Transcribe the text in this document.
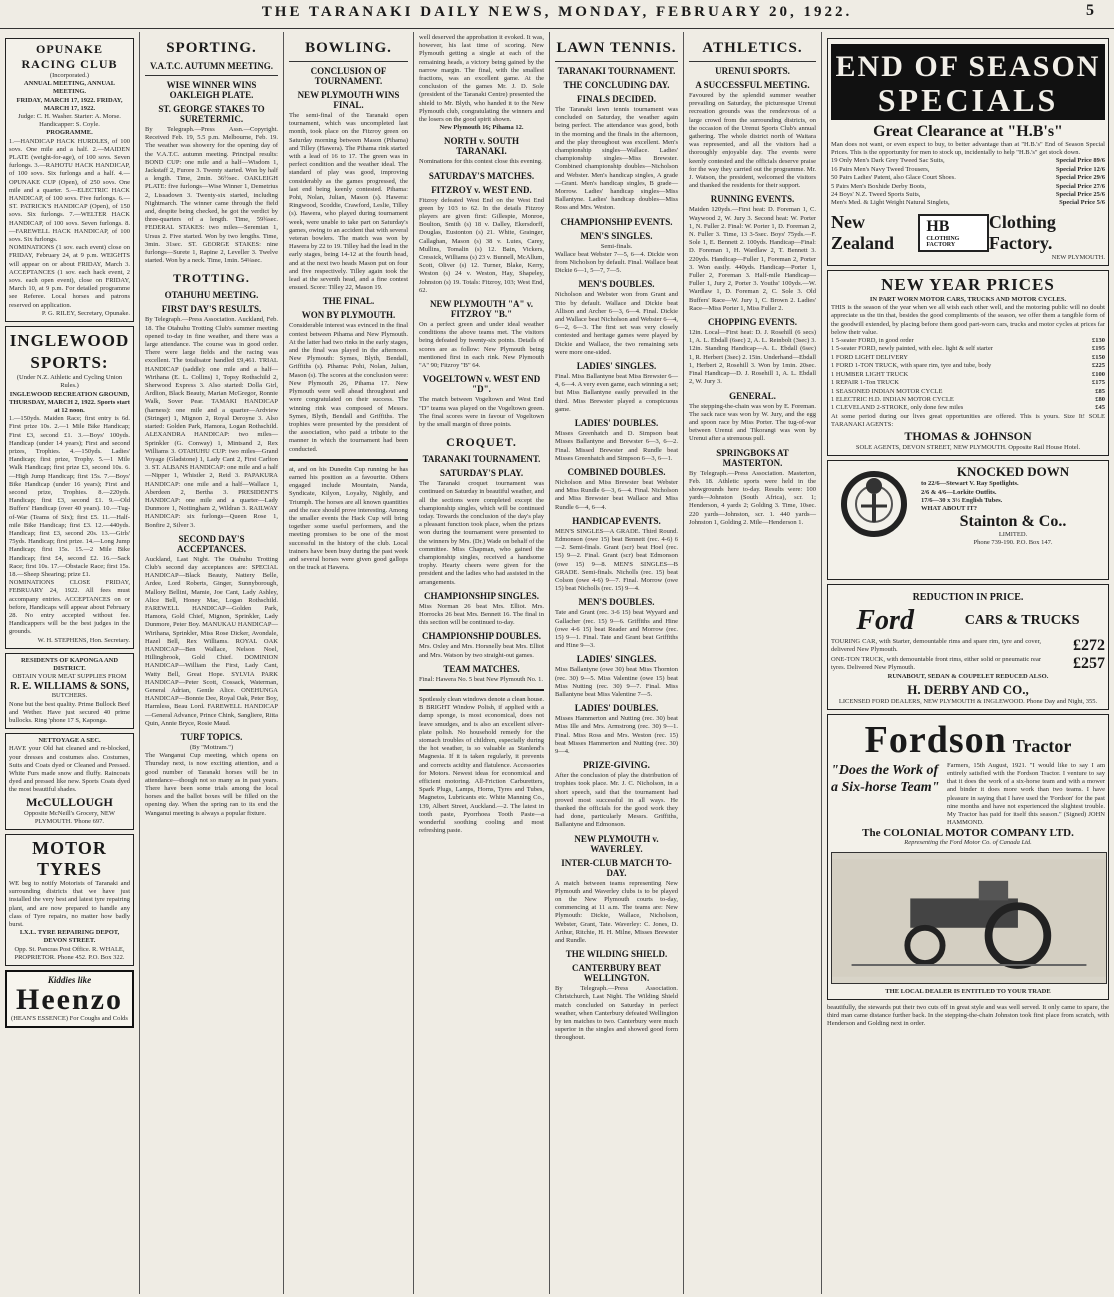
THE TARANAKI DAILY NEWS, MONDAY, FEBRUARY 20, 1922.	5
OPUNAKE RACING CLUB
(Incorporated.)
ANNUAL MEETING, ANNUAL MEETING.
FRIDAY, MARCH 17, 1922. FRIDAY, MARCH 17, 1922.
Judge: C. H. Washer. Starter: A. Morse. Handicapper: S. Coyle.
PROGRAMME.
1.—HANDICAP HACK HURDLES, of 100 sovs. One mile and a half. 2.—MAIDEN PLATE (weight-for-age), of 100 sovs. Seven furlongs. 3.—RAHOTU HACK HANDICAP, of 100 sovs. Six furlongs and a half. 4.—OPUNAKE CUP (Open), of 250 sovs. One mile and a quarter. 5.—ELECTRIC HACK HANDICAP, of 100 sovs. Five furlongs. 6.—ST. PATRICK'S HANDICAP (Open), of 150 sovs. Six furlongs. 7.—WELTER HACK HANDICAP, of 100 sovs. Seven furlongs. 8.—FAREWELL HACK HANDICAP, of 100 sovs. Six furlongs.
NOMINATIONS (1 sov. each event) close on FRIDAY, February 24, at 9 p.m. WEIGHTS will appear on or about FRIDAY, March 3. ACCEPTANCES (1 sov. each hack event, 2 sovs. each open event), close on FRIDAY, March 10, at 9 p.m. For detailed programme see Referee. Local horses and patrons reserved on application.
P. G. RILEY, Secretary, Opunake.
INGLEWOOD SPORTS:
(Under N.Z. Athletic and Cycling Union Rules.)
INGLEWOOD RECREATION GROUND, THURSDAY, MARCH 2, 1922. Sports start at 12 noon.
1.—150yds. Maiden Race; first entry is 6d. First prize 10s. 2.—1 Mile Bike Handicap; First £3, second £1. 3.—Boys' 100yds. Handicap (under 14 years); First and second prizes, Trophies. 4.—150yds. Ladies' Handicap; first prize, Trophy. 5.—1 Mile Walk Handicap; first prize £3, second 10s. 6.—High Jump Handicap; first 15s. 7.—Boys' Bike Handicap (under 16 years); First and second prize, Trophies. 8.—220yds. Handicap; first £3, second £1. 9.—Old Buffers' Handicap (over 40 years). 10.—Tug-of-War (Teams of Six); first £5. 11.—Half-mile Bike Handicap; first £3. 12.—440yds. Handicap; first £3, second 20s. 13.—Girls' 75yds. Handicap; first prize. 14.—Long Jump Handicap; first 15s. 15.—2 Mile Bike Handicap; first £4, second £2. 16.—Sack Race; first 10s. 17.—Obstacle Race; first 15s. 18.—Sheep Shearing; prize £1.
NOMINATIONS CLOSE FRIDAY, FEBRUARY 24, 1922. All fees must accompany entries. ACCEPTANCES on or before, Handicaps will appear about February 28. No entry accepted without fee. Handicappers will be the best judges in the grounds.
W. H. STEPHENS, Hon. Secretary.
RESIDENTS OF KAPONGA AND DISTRICT.
OBTAIN YOUR MEAT SUPPLIES FROM
R. E. WILLIAMS & SONS,
BUTCHERS.
None but the best quality. Prime Bullock Beef and Wether. Have just secured 40 prime bullocks. Ring 'phone 17 S, Kaponga.
NETTOYAGE A SEC.
HAVE your Old hat cleaned and re-blocked, your dresses and costumes also. Costumes, Suits and Coats dyed or Cleaned and Pressed. White Furs made snow and fluffy. Raincoats dyed and pressed like new. Sports Coats dyed the most beautiful shades.
McCULLOUGH
Opposite McNeill's Grocery, NEW PLYMOUTH. 'Phone 697.
MOTOR TYRES
WE beg to notify Motorists of Taranaki and surrounding districts that we have just installed the very best and latest tyre repairing plant, and are now prepared to handle any class of Tyre repairs, no matter how badly burst.
I.X.L. TYRE REPAIRING DEPOT, DEVON STREET.
Opp. St. Pancras Post Office. R. WHALE, PROPRIETOR. Phone 452. P.O. Box 322.
Kiddies like
Heenzo
(HEAN'S ESSENCE) For Coughs and Colds
SPORTING.
V.A.T.C. AUTUMN MEETING.
WISE WINNER WINS OAKLEIGH PLATE.
ST. GEORGE STAKES TO SURETERMIC.
By Telegraph.—Press Assn.—Copyright. Received Feb. 19, 5.5 p.m. Melbourne, Feb. 19. The weather was showery for the opening day of the V.A.T.C. autumn meeting. Principal results: BOND CUP: one mile and a half—Wisdom 1, Jackstaff 2, Furore 3. Twenty started. Won by half a length. Time, 2min. 36½sec. OAKLEIGH PLATE: five furlongs—Wise Winner 1, Demetrius 2, Lissadown 3. Twenty-six started, including Nightmarch. The winner came through the field and, despite being checked, he got the verdict by three-quarters of a length. Time, 59¾sec. FEDERAL STAKES: two miles—Seremian 1, Ursus 2. Five started. Won by two lengths. Time, 3min. 31sec. ST. GEORGE STAKES: nine furlongs—Surete 1, Rapine 2, Leveller 3. Twelve started. Won by a neck. Time, 1min. 54¼sec.
TROTTING.
OTAHUHU MEETING.
FIRST DAY'S RESULTS.
By Telegraph.—Press Association. Auckland, Feb. 18. The Otahuhu Trotting Club's summer meeting opened to-day in fine weather, and there was a large attendance. The course was in good order. There were large fields and the racing was excellent. The totalisator handled £9,461. TRIAL HANDICAP (saddle): one mile and a half—Wirihana (E. L. Collins) 1, Topsy Rothschild 2, Sherwood Express 3. Also started: Dolla Girl, Ardlion, Black Beauty, Marian McGregor, Ronnie Walk, Sover Pear. TAMAKI HANDICAP (harness): one mile and a quarter—Ardview (Stringer) 1, Mignon 2, Royal Deroyne 3. Also started: Golden Park, Hamora, Logan Rothschild. ALEXANDRA HANDICAP: two miles—Sprinkler (G. Conway) 1, Mintsand 2, Rex Williams 3. OTAHUHU CUP: two miles—Grand Voyage (Gladstone) 1, Lady Cant 2, First Carlton 3. ST. ALBANS HANDICAP: one mile and a half—Nipper 1, Whistler 2, Reid 3. PAPAKURA HANDICAP: one mile and a half—Wallace 1, Aberdeen 2, Bertha 3. PRESIDENT'S HANDICAP: one mile and a quarter—Lady Dunmore 1, Nottingham 2, Wildran 3. RAILWAY HANDICAP: six furlongs—Queen Rose 1, Bonfire 2, Silver 3.
SECOND DAY'S ACCEPTANCES.
Auckland, Last Night. The Otahuhu Trotting Club's second day acceptances are: SPECIAL HANDICAP—Black Beauty, Nattery Belle, Ardee, Lord Roberts, Ginger, Sunnyborough, Mallory Bellini, Mamie, Joe Cant, Lady Ashley, Alice Bell, Honey Mac, Logan Rothschild. FAREWELL HANDICAP—Golden Park, Hamora, Gold Chief, Mignon, Sprinkler, Lady Dunmore, Peter Boy. MANUKAU HANDICAP—Wirihana, Sprinkler, Miss Rose Dicker, Avondale, Hazel Bell, Rex Williams. ROYAL OAK HANDICAP—Ben Wallace, Nelson Noel, Hillingbrook, Gold Chief. DOMINION HANDICAP—William the First, Lady Cant, Watty Bell, Great Hope. SYLVIA PARK HANDICAP—Peter Scott, Cossack, Waterman, General Adrian, Gentle Alice. ONEHUNGA HANDICAP—Bonnie Dee, Royal Oak, Peter Boy, Harmless, Beau Lord. FAREWELL HANDICAP—General Advance, Prince Chink, Sangliere, Ritta Quin, Annie Bryce, Rosie Maud.
TURF TOPICS.
(By "Mottram.")
The Wanganui Cup meeting, which opens on Thursday next, is now exciting attention, and a good number of Taranaki horses will be in attendance—though not so many as in past years. There have been some trials among the local horses and the ballot boxes will be filled on the opening day. When the spring ran to its end the Wanganui meeting is always a popular fixture.
BOWLING.
CONCLUSION OF TOURNAMENT.
NEW PLYMOUTH WINS FINAL.
The semi-final of the Taranaki open tournament, which was uncompleted last month, took place on the Fitzroy green on Saturday morning between Mason (Pihama) and Tilley (Hawera). The Pihama rink started with a lead of 16 to 17. The green was in perfect condition and the weather ideal. The standard of play was good, improving considerably as the games progressed, the last end being keenly contested. Pihama: Pohi, Nolan, Julian, Mason (s). Hawera: Ringwood, Scoddie, Crawford, Leslie, Tilley (s). Hawera, who played during tournament week, were unable to take part on Saturday's games, owing to an accident that with several veteran bowlers. The match was won by Hawera by 22 to 19. Tilley had the lead in the early stages, being 14-12 at the fourth head, and at the next two heads Mason put on four and five respectively. Tilley again took the lead at the seventh head, and a fine contest ensued. Score: Tilley 22, Mason 19.
THE FINAL.
WON BY PLYMOUTH.
Considerable interest was evinced in the final contest between Pihama and New Plymouth. At the latter had two rinks in the early stages, and the final was played in the afternoon. New Plymouth: Symes, Blyth, Bendall, Griffiths (s). Pihama: Pohi, Nolan, Julian, Mason (s). The scores at the conclusion were: New Plymouth 26, Pihama 17. New Plymouth were well ahead throughout and were congratulated on their success. The winning rink was composed of Messrs. Symes, Blyth, Bendall and Griffiths. The trophies were presented by the president of the association, who paid a tribute to the manner in which the tournament had been conducted.
at, and on his Dunedin Cup running he has earned his position as a favourite. Others engaged include Mountain, Nanda, Syndicate, Kilyon, Loyalty, Nightly, and Triumph. The horses are all known quantities and the race should prove interesting. Among the smaller events the Hack Cup will bring together some useful performers, and the meeting promises to be one of the most successful in the history of the club. Local trainers have been busy during the past week and several horses were given good gallops on the track at Hawera.
well deserved the approbation it evoked. It was, however, his last time of scoring. New Plymouth getting a single at each of the remaining heads, a victory being gained by the narrow margin. The final, with the smallest fractions, was an excellent game. At the conclusion of the games Mr. J. D. Sole (president of the Taranaki Centre) presented the shield to Mr. Blyth, who handed it to the New Plymouth club, congratulating the winners and the losers on the good spirit shown.
New Plymouth 16; Pihama 12.
NORTH v. SOUTH TARANAKI.
Nominations for this contest close this evening.
SATURDAY'S MATCHES.
FITZROY v. WEST END.
Fitzroy defeated West End on the West End green by 103 to 62. In the details Fitzroy players are given first: Gillespie, Monroe, Boulton, Smith (s) 18 v. Dalley, Ekersdorff, Douglas, Eustonton (s) 21. White, Grainger, Callaghan, Mason (s) 38 v. Lutes, Carey, Mullins, Tomalin (s) 12. Bain, Vickers, Cressick, Williams (s) 23 v. Bunnell, McAllum, Scott, Oliver (s) 12. Turner, Blake, Kerry, Weston (s) 24 v. Weston, Hay, Shapeley, Johnston (s) 19. Totals: Fitzroy, 103; West End, 62.
NEW PLYMOUTH "A" v. FITZROY "B."
On a perfect green and under ideal weather conditions the above teams met. The visitors being defeated by twenty-six points. Details of scores are as follow: New Plymouth being mentioned first in each rink. New Plymouth "A" 90; Fitzroy "B" 64.
VOGELTOWN v. WEST END "D".
The match between Vogeltown and West End "D" teams was played on the Vogeltown green. The final scores were in favour of Vogeltown by the small margin of three points.
CROQUET.
TARANAKI TOURNAMENT.
SATURDAY'S PLAY.
The Taranaki croquet tournament was continued on Saturday in beautiful weather, and all the sections were completed except the championship singles, which will be continued today. Towards the conclusion of the day's play a pleasant function took place, when the prizes won during the tournament were presented to the winners by Mrs. (Dr.) Wade on behalf of the committee. Miss Chapman, who gained the championship singles, received a handsome trophy. Hearty cheers were given for the president and the ladies who had assisted in the arrangements.
CHAMPIONSHIP SINGLES.
Miss Norman 26 beat Mrs. Elliot. Mrs. Horrocks 26 beat Mrs. Bennett 16. The final in this section will be continued to-day.
CHAMPIONSHIP DOUBLES.
Mrs. Oxley and Mrs. Horsnelly beat Mrs. Elliot and Mrs. Watson by two straight-out games.
TEAM MATCHES.
Final: Hawera No. 5 beat New Plymouth No. 1.
Spotlessly clean windows denote a clean house. B BRIGHT Window Polish, if applied with a damp sponge, is most economical, does not leave smudges, and is also an excellent silver-plate polish. No household remedy for the stomach troubles of children, especially during the hot weather, is so valuable as Stanlend's Magnesia. If it is taken regularly, it prevents and corrects acidity and flatulence. Accessories for Motors. Newest ideas for economical and efficient motoring. All-Friction Carburetters, Spark Plugs, Lamps, Horns, Tyres and Tubes, Magnetos, Lubricants etc. White Manning Co., 139, Albert Street, Auckland.—2. The latest in tooth paste, Pyorrhoea Tooth Paste—a wonderful soothing cooling and most refreshing paste.
LAWN TENNIS.
TARANAKI TOURNAMENT.
THE CONCLUDING DAY.
FINALS DECIDED.
The Taranaki lawn tennis tournament was concluded on Saturday, the weather again being perfect. The attendance was good, both in the morning and the finals in the afternoon, and the play throughout was excellent. Men's championship singles—Wallace. Ladies' championship singles—Miss Brewster. Combined championship doubles—Nicholson and Webster. Men's handicap singles, A grade—Grant. Men's handicap singles, B grade—Morrow. Ladies' handicap singles—Miss Ballantyne. Ladies' handicap doubles—Miss Ross and Mrs. Weston.
CHAMPIONSHIP EVENTS.
MEN'S SINGLES.
Semi-finals.
Wallace beat Webster 7—5, 6—4. Dickie won from Nicholson by default. Final. Wallace beat Dickie 6—1, 5—7, 7—5.
MEN'S DOUBLES.
Nicholson and Webster won from Grant and Tito by default. Wallace and Dickie beat Allison and Archer 6—3, 6—4. Final. Dickie and Wallace beat Nicholson and Webster 6—4, 6—2, 6—3. The first set was very closely contested and heritage games were played by Dickie and Wallace, the two remaining sets were more one-sided.
LADIES' SINGLES.
Final. Miss Ballantyne beat Miss Brewster 6—4, 6—4. A very even game, each winning a set; but Miss Ballantyne easily prevailed in the third. Miss Brewster played a conspicuous game.
LADIES' DOUBLES.
Misses Greenhatch and D. Simpson beat Misses Ballantyne and Brewster 6—3, 6—2. Final. Missed Brewster and Rundle beat Misses Greenhatch and Simpson 6—3, 6—1.
COMBINED DOUBLES.
Nicholson and Miss Brewster beat Webster and Miss Rundle 6—3, 6—4. Final. Nicholson and Miss Brewster beat Wallace and Miss Rundle 6—4, 6—4.
HANDICAP EVENTS.
MEN'S SINGLES—A GRADE. Third Round. Edmonson (owe 15) beat Bennett (rec. 4-6) 6—2. Semi-finals. Grant (scr) beat Hoel (rec. 15) 9—2. Final. Grant (scr) beat Edmonson (owe 15) 9—8. MEN'S SINGLES—B GRADE. Semi-finals. Nicholls (rec. 15) beat Colson (owe 4-6) 9—7. Final. Morrow (owe 15) beat Nicholls (rec. 15) 9—4.
MEN'S DOUBLES.
Tate and Grant (rec. 3-6 15) beat Wyyard and Gallacher (rec. 15) 9—6. Griffiths and Hine (owe 4-6 15) beat Reader and Morrow (rec. 15) 9—1. Final. Tate and Grant beat Griffiths and Hine 9—3.
LADIES' SINGLES.
Miss Ballantyne (owe 30) beat Miss Thornton (rec. 30) 9—5. Miss Valentine (owe 15) beat Miss Nutting (rec. 30) 9—7. Final. Miss Ballantyne beat Miss Valentine 7—5.
LADIES' DOUBLES.
Misses Hammerton and Nutting (rec. 30) beat Miss Ille and Mrs. Armstrong (rec. 30) 9—1. Final. Miss Ross and Mrs. Weston (rec. 15) beat Misses Hammerton and Nutting (rec. 30) 9—4.
PRIZE-GIVING.
After the conclusion of play the distribution of trophies took place. Mr. J. C. Nicholson, in a short speech, said that the tournament had proved most successful in all ways. He thanked the officials for the good work they had done, particularly Messrs. Griffiths, Ballantyne and Edmonson.
NEW PLYMOUTH v. WAVERLEY.
INTER-CLUB MATCH TO-DAY.
A match between teams representing New Plymouth and Waverley clubs is to be played on the New Plymouth courts to-day, commencing at 11 a.m. The teams are: New Plymouth: Dickie, Wallace, Nicholson, Webster, Grant, Tate. Waverley: C. Jones, D. Arthur, Ritchie, H. H. Milne, Misses Brewster and Rundle.
THE WILDING SHIELD.
CANTERBURY BEAT WELLINGTON.
By Telegraph.—Press Association. Christchurch, Last Night. The Wilding Shield match concluded on Saturday in perfect weather, when Canterbury defeated Wellington by ten matches to two. Canterbury were much superior in the singles and showed good form throughout.
ATHLETICS.
URENUI SPORTS.
A SUCCESSFUL MEETING.
Favoured by the splendid summer weather prevailing on Saturday, the picturesque Urenui recreation grounds was the rendezvous of a large crowd from the surrounding districts, on the occasion of the Urenui Sports Club's annual gathering. The whole district north of Waitara was represented, and all the visitors had a thoroughly enjoyable day. The events were keenly contested and the officials deserve praise for the way they carried out the programme. Mr. J. Watson, the president, welcomed the visitors and thanked the residents for their support.
RUNNING EVENTS.
Maiden 120yds.—First heat: D. Foreman 1, C. Waywood 2, W. Jury 3. Second heat: W. Porter 1, N. Fuller 2. Final: W. Porter 1, D. Foreman 2, N. Fuller 3. Time, 13 3-5sec. Boys' 75yds.—F. Sole 1, E. Bennett 2. 100yds. Handicap—Final: D. Foreman 1, H. Wardlaw 2, T. Bennett 3. 220yds. Handicap—Fuller 1, Foreman 2, Porter 3. Won easily. 440yds. Handicap—Porter 1, Fuller 2, Foreman 3. Half-mile Handicap—Fuller 1, Jury 2, Porter 3. Youths' 100yds.—W. Wardlaw 1, D. Foreman 2, C. Sole 3. Old Buffers' Race—W. Jury 1, C. Brown 2. Ladies' Race—Miss Porter 1, Miss Fuller 2.
CHOPPING EVENTS.
12in. Local—First heat: D. J. Rosehill (6 secs) 1, A. L. Ebdall (6sec) 2, A. L. Reinbolt (3sec) 3. 12in. Standing Handicap—A. L. Ebdall (6sec) 1, R. Herbert (3sec) 2. 15in. Underhand—Ebdall 1, Herbert 2, Rosehill 3. Won by 1min. 20sec. Final Handicap—D. J. Rosehill 1, A. L. Ebdall 2, W. Jury 3.
GENERAL.
The stepping-the-chain was won by E. Foreman. The sack race was won by W. Jury, and the egg and spoon race by Miss Porter. The tug-of-war between Urenui and Tikorangi was won by Urenui after a strenuous pull.
SPRINGBOKS AT MASTERTON.
By Telegraph.—Press Association. Masterton, Feb. 18. Athletic sports were held in the showgrounds here to-day. Results were: 100 yards—Johnston (South Africa), scr. 1; Henderson, 4 yards 2; Golding 3. Time, 10sec. 220 yards—Johnston, scr. 1. 440 yards—Johnston 1, Golding 2. Mile—Henderson 1.
END OF SEASON
SPECIALS
Great Clearance at "H.B's"
Man does not want, or even expect to buy, to better advantage than at "H.B.'s" End of Season Special Prices. This is the opportunity for men to stock up, incidentally to help "H.B.'s" get stock down.
19 Only Men's Dark Grey Tweed Sac Suits,	Special Price 89/6
16 Pairs Men's Navy Tweed Trousers,	Special Price 12/6
50 Pairs Ladies' Patent, also Glace Court Shoes.	Special Price 29/6
5 Pairs Men's Boxhide Derby Boots,	Special Price 27/6
24 Boys' N.Z. Tweed Sports Suits,	Special Price 25/6
Men's Med. & Light Weight Natural Singlets,	Special Price 5/6
New Zealand
HB
CLOTHING FACTORY
Clothing Factory.
NEW PLYMOUTH.
NEW YEAR PRICES
IN PART WORN MOTOR CARS, TRUCKS AND MOTOR CYCLES.
THIS is the season of the year when we all wish each other well, and the motoring public will no doubt appreciate us the tin that, besides the good compliments of the season, we offer them a tangible form of the goodwill extended, by placing before them good part-worn cars, trucks and motor cycles at prices far below their value.
1 5-seater FORD, in good order	£130
1 5-seater FORD, newly painted, with elec. light & self starter	£195
1 FORD LIGHT DELIVERY	£150
1 FORD 1-TON TRUCK, with spare rim, tyre and tube, body	£225
1 HUMBER LIGHT TRUCK	£100
1 REPAIR 1-Ton TRUCK	£175
1 SEASONED INDIAN MOTOR CYCLE	£85
1 ELECTRIC H.D. INDIAN MOTOR CYCLE	£80
1 CLEVELAND 2-STROKE, only done few miles	£45
At some period during our lives great opportunities are offered. This is yours. Size It! SOLE TARANAKI AGENTS:
THOMAS & JOHNSON
SOLE AGENTS, DEVON STREET, NEW PLYMOUTH. Opposite Rail House Hotel.
KNOCKED DOWN
to 22/6—Stewart V. Ray Spotlights.
2/6 & 4/6—Lorkite Outfits.
17/6—30 x 3½ English Tubes.
WHAT ABOUT IT?
Stainton & Co..
LIMITED.
Phone 739-190. P.O. Box 147.
REDUCTION IN PRICE.
Ford	CARS & TRUCKS
TOURING CAR, with Starter, demountable rims and spare rim, tyre and cover, delivered New Plymouth.	£272
ONE-TON TRUCK, with demountable front rims, either solid or pneumatic rear tyres. Delivered New Plymouth.	£257
RUNABOUT, SEDAN & COUPELET REDUCED ALSO.
H. DERBY AND CO.,
LICENSED FORD DEALERS, NEW PLYMOUTH & INGLEWOOD. Phone Day and Night, 355.
Fordson Tractor
"Does the Work of a Six-horse Team"
Farmers, 15th August, 1921. "I would like to say I am entirely satisfied with the Fordson Tractor. I venture to say that it does the work of a six-horse team and with a mower and binder it does more work than two teams. I have pleasure in saying that I have used the 'Fordson' for the past nine months and have not experienced the slightest trouble. My Tractor has paid for itself this season." (Signed) JOHN HAMMOND.
The COLONIAL MOTOR COMPANY LTD.
Representing the Ford Motor Co. of Canada Ltd.
THE LOCAL DEALER IS ENTITLED TO YOUR TRADE
beautifully, the stewards put their two cuts off in great style and was well served. It only came to spare, the third man came distance further back. In the stepping-the-chain Johnston took first place from scratch, with Henderson and Golding next in order.
